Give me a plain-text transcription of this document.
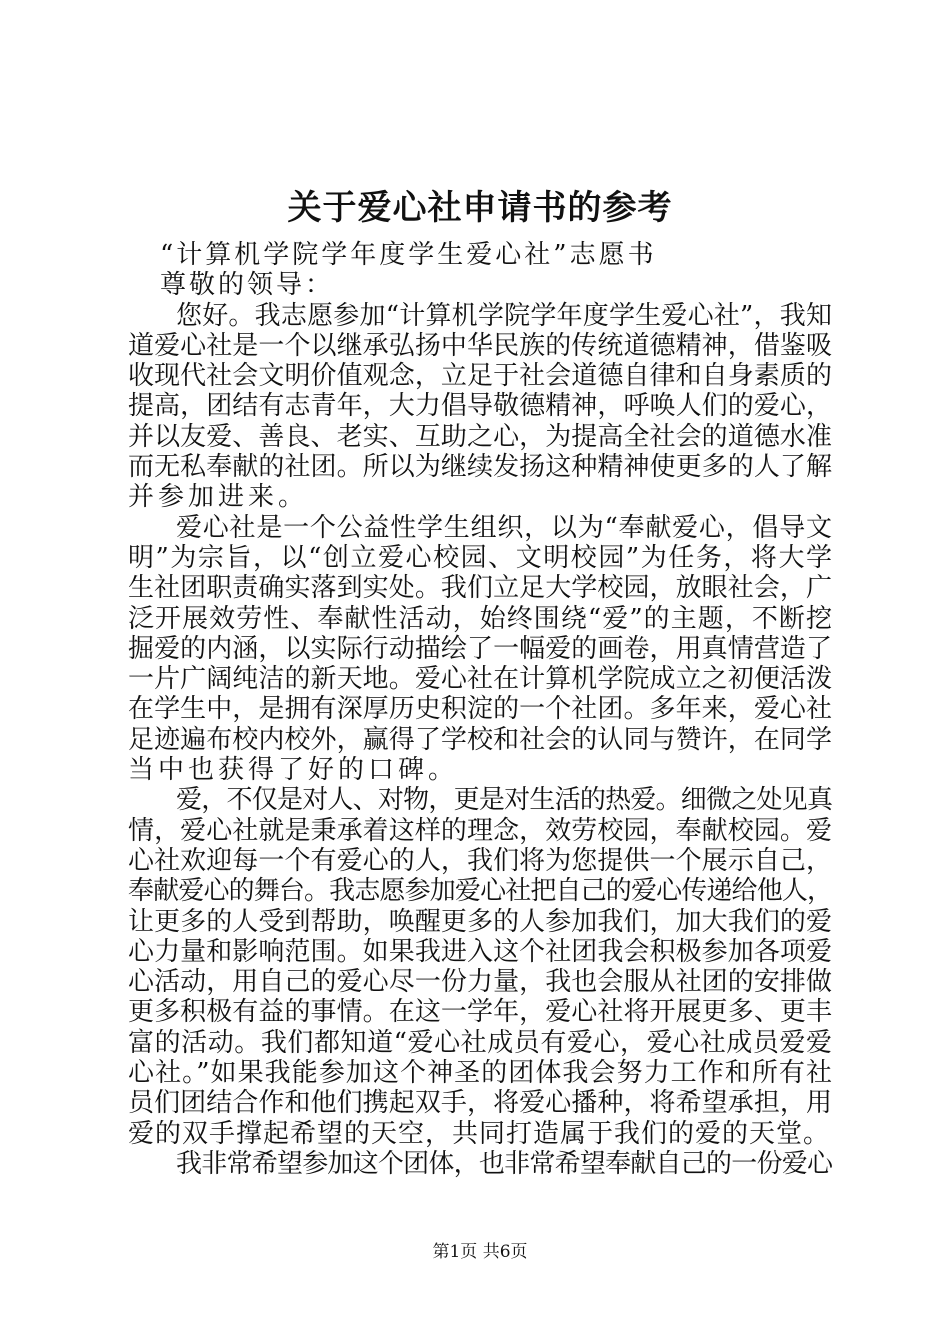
关于爱心社申请书的参考
“计算机学院学年度学生爱心社”志愿书
尊敬的领导：
您好。我志愿参加“计算机学院学年度学生爱心社”，我知
道爱心社是一个以继承弘扬中华民族的传统道德精神，借鉴吸
收现代社会文明价值观念，立足于社会道德自律和自身素质的
提高，团结有志青年，大力倡导敬德精神，呼唤人们的爱心，
并以友爱、善良、老实、互助之心，为提高全社会的道德水准
而无私奉献的社团。所以为继续发扬这种精神使更多的人了解
并参加进来。
爱心社是一个公益性学生组织，以为“奉献爱心，倡导文
明”为宗旨，以“创立爱心校园、文明校园”为任务，将大学
生社团职责确实落到实处。我们立足大学校园，放眼社会，广
泛开展效劳性、奉献性活动，始终围绕“爱”的主题，不断挖
掘爱的内涵，以实际行动描绘了一幅爱的画卷，用真情营造了
一片广阔纯洁的新天地。爱心社在计算机学院成立之初便活泼
在学生中，是拥有深厚历史积淀的一个社团。多年来，爱心社
足迹遍布校内校外，赢得了学校和社会的认同与赞许，在同学
当中也获得了好的口碑。
爱，不仅是对人、对物，更是对生活的热爱。细微之处见真
情，爱心社就是秉承着这样的理念，效劳校园，奉献校园。爱
心社欢迎每一个有爱心的人，我们将为您提供一个展示自己，
奉献爱心的舞台。我志愿参加爱心社把自己的爱心传递给他人，
让更多的人受到帮助，唤醒更多的人参加我们，加大我们的爱
心力量和影响范围。如果我进入这个社团我会积极参加各项爱
心活动，用自己的爱心尽一份力量，我也会服从社团的安排做
更多积极有益的事情。在这一学年，爱心社将开展更多、更丰
富的活动。我们都知道“爱心社成员有爱心，爱心社成员爱爱
心社。”如果我能参加这个神圣的团体我会努力工作和所有社
员们团结合作和他们携起双手，将爱心播种，将希望承担，用
爱的双手撑起希望的天空，共同打造属于我们的爱的天堂。
我非常希望参加这个团体，也非常希望奉献自己的一份爱心
第1页 共6页
